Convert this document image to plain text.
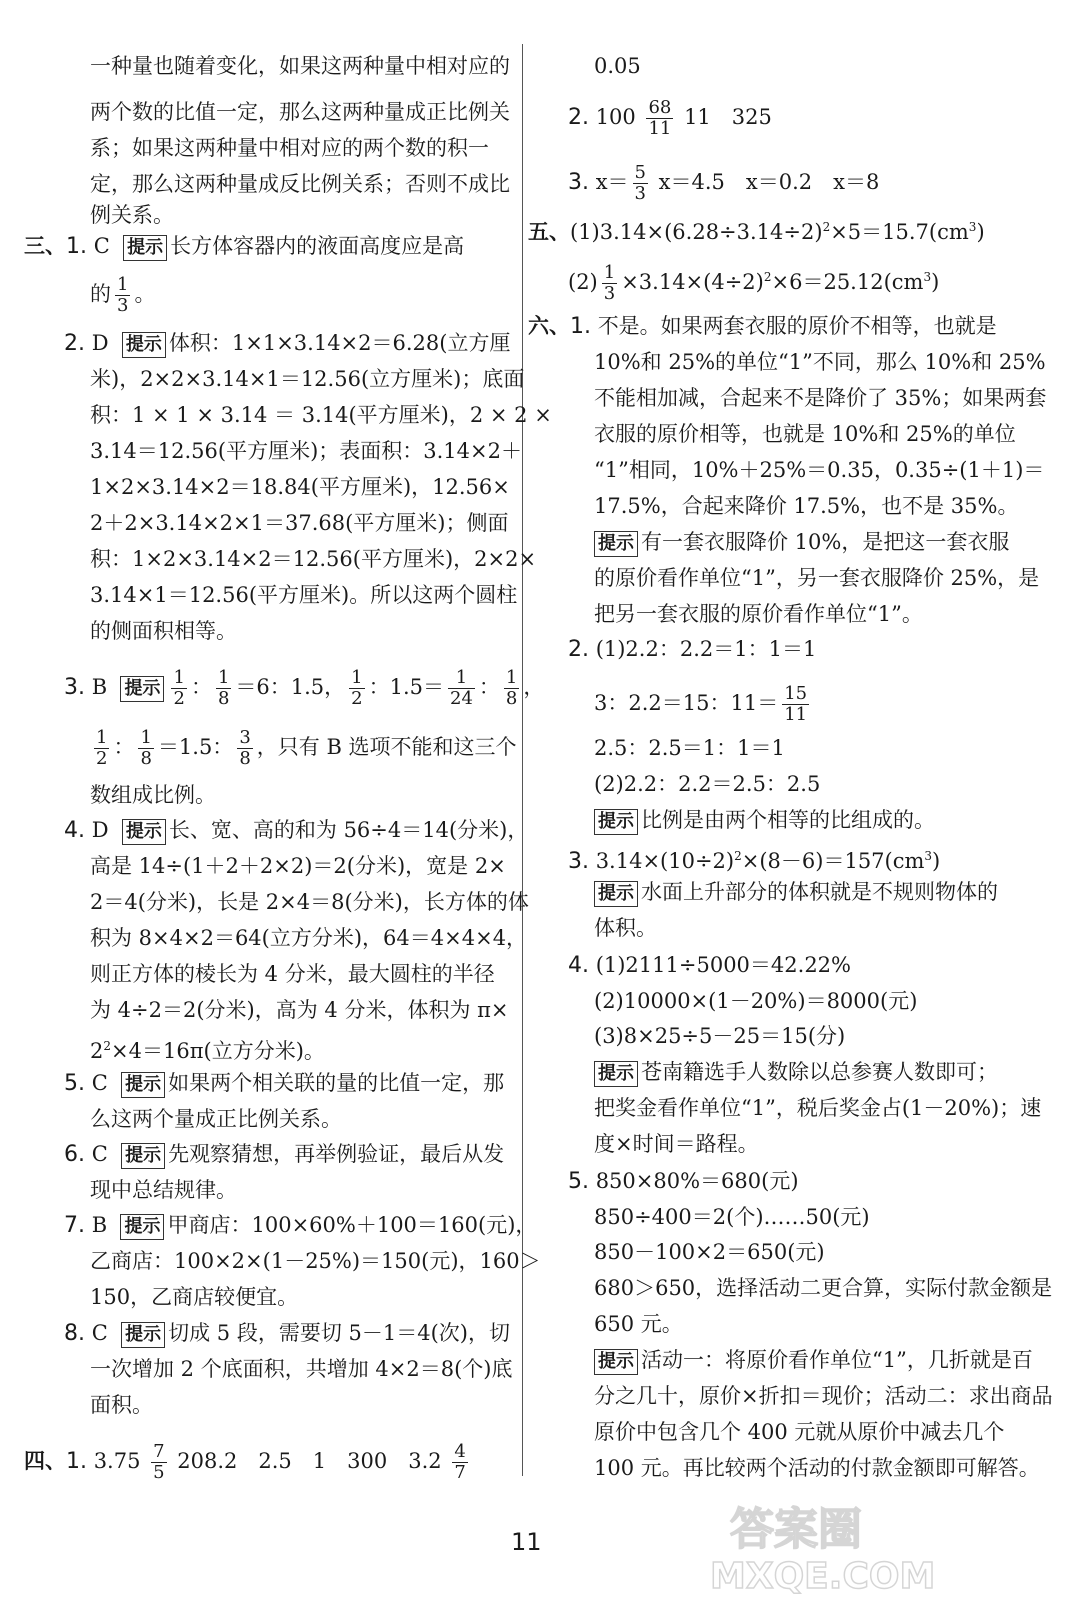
一种量也随着变化，如果这两种量中相对应的
两个数的比值一定，那么这两种量成正比例关
系；如果这两种量中相对应的两个数的积一
定，那么这两种量成反比例关系；否则不成比
例关系。
三、1. C 提示 长方体容器内的液面高度应是高
的 $\frac{1}{3}$ 。
2. D 提示 体积：1×1×3.14×2＝6.28(立方厘
米)，2×2×3.14×1＝12.56(立方厘米)；底面
积：1 × 1 × 3.14 ＝ 3.14(平方厘米)，2 × 2 ×
3.14＝12.56(平方厘米)；表面积：3.14×2＋
1×2×3.14×2＝18.84(平方厘米)，12.56×
2＋2×3.14×2×1＝37.68(平方厘米)；侧面
积：1×2×3.14×2＝12.56(平方厘米)，2×2×
3.14×1＝12.56(平方厘米)。所以这两个圆柱
的侧面积相等。
3. B 提示 $\frac{1}{2}$ ： $\frac{1}{8} =6$：1.5， $\frac{1}{2}$ ：$1.5= \frac{1}{24}$ ： $\frac{1}{8}$ ，
$\frac{1}{2}$ ： $\frac{1}{8} =1.5$： $\frac{3}{8}$ ，只有 B 选项不能和这三个
数组成比例。
4. D 提示 长、宽、高的和为 56÷4＝14(分米)，
高是 14÷(1＋2＋2×2)＝2(分米)，宽是 2×
2＝4(分米)，长是 2×4＝8(分米)，长方体的体
积为 8×4×2＝64(立方分米)，64＝4×4×4，
则正方体的棱长为 4 分米，最大圆柱的半径
为 4÷2＝2(分米)，高为 4 分米，体积为 π×
$2^2\times 4=16\pi$(立方分米)。
5. C 提示 如果两个相关联的量的比值一定，那
么这两个量成正比例关系。
6. C 提示 先观察猜想，再举例验证，最后从发
现中总结规律。
7. B 提示 甲商店：100×60%＋100＝160(元)，
乙商店：100×2×(1－25%)＝150(元)，160＞
150，乙商店较便宜。
8. C 提示 切成 5 段，需要切 5－1＝4(次)，切
一次增加 2 个底面积，共增加 4×2＝8(个)底
面积。
四、1. $3.75 \frac{7}{5} 208.2$　2.5　1　300　$3.2 \frac{4}{7}$
0.05
2. $100 \frac{68}{11} 11$　325
3. $x= \frac{5}{3} x=4.5$　x＝0.2　x＝8
五、$(1)3.14\times(6.28\div 3.14\div 2)^2\times 5=15.7(cm^3)$
$(2) \frac{1}{3} \times 3.14\times(4\div 2)^2\times 6=25.12(cm^3)$
六、1. 不是。如果两套衣服的原价不相等，也就是
10%和 25%的单位“1”不同，那么 10%和 25%
不能相加减，合起来不是降价了 35%；如果两套
衣服的原价相等，也就是 10%和 25%的单位
“1”相同，10%＋25%＝0.35，0.35÷(1＋1)＝
17.5%，合起来降价 17.5%，也不是 35%。
提示 有一套衣服降价 10%，是把这一套衣服
的原价看作单位“1”，另一套衣服降价 25%，是
把另一套衣服的原价看作单位“1”。
2. (1)2.2：2.2＝1：1＝1
3：2.2＝15：$11= \frac{15}{11}$
2.5：2.5＝1：1＝1
(2)2.2：2.2＝2.5：2.5
提示 比例是由两个相等的比组成的。
3. $3.14\times(10\div 2)^2\times(8-6)=157(cm^3)$
提示 水面上升部分的体积就是不规则物体的
体积。
4. (1)2111÷5000＝42.22%
(2)10000×(1－20%)＝8000(元)
(3)8×25÷5－25＝15(分)
提示 苍南籍选手人数除以总参赛人数即可；
把奖金看作单位“1”，税后奖金占(1－20%)；速
度×时间＝路程。
5. 850×80%＝680(元)
850÷400＝2(个)……50(元)
850－100×2＝650(元)
680＞650，选择活动二更合算，实际付款金额是
650 元。
提示 活动一：将原价看作单位“1”，几折就是百
分之几十，原价×折扣＝现价；活动二：求出商品
原价中包含几个 400 元就从原价中减去几个
100 元。再比较两个活动的付款金额即可解答。
11	答案圈
MXQE.COM
